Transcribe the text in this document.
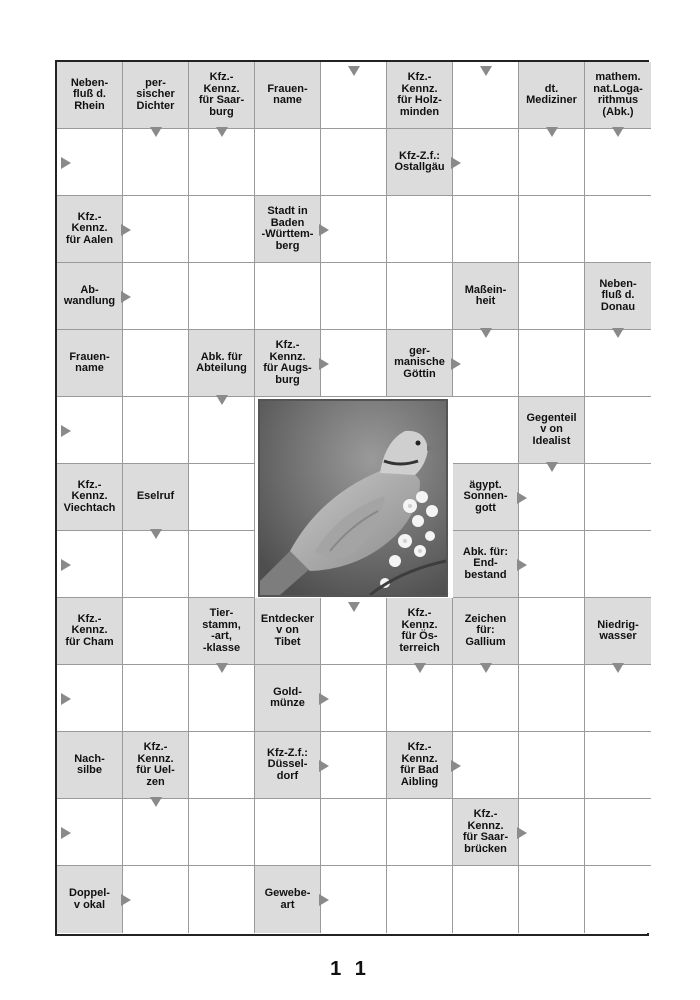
Neben-
fluß d.
Rhein
per-
sischer
Dichter
Kfz.-
Kennz.
für Saar-
burg
Frauen-
name
Kfz.-
Kennz.
für Holz-
minden
dt.
Mediziner
mathem.
nat.Loga-
rithmus
(Abk.)
Kfz-Z.f.:
Ostallgäu
Kfz.-
Kennz.
für Aalen
Stadt in
Baden
-Württem-
berg
Ab-
wandlung
Maßein-
heit
Neben-
fluß d.
Donau
Frauen-
name
Abk. für
Abteilung
Kfz.-
Kennz.
für Augs-
burg
ger-
manische
Göttin
Gegenteil
v on
Idealist
Kfz.-
Kennz.
Viechtach
Eselruf
ägypt.
Sonnen-
gott
Abk. für:
End-
bestand
Kfz.-
Kennz.
für Cham
Tier-
stamm,
-art,
-klasse
Entdecker
v on
Tibet
Kfz.-
Kennz.
für Ös-
terreich
Zeichen
für:
Gallium
Niedrig-
wasser
Gold-
münze
Nach-
silbe
Kfz.-
Kennz.
für Uel-
zen
Kfz-Z.f.:
Düssel-
dorf
Kfz.-
Kennz.
für Bad
Aibling
Kfz.-
Kennz.
für Saar-
brücken
Doppel-
v okal
Gewebe-
art
1 1
